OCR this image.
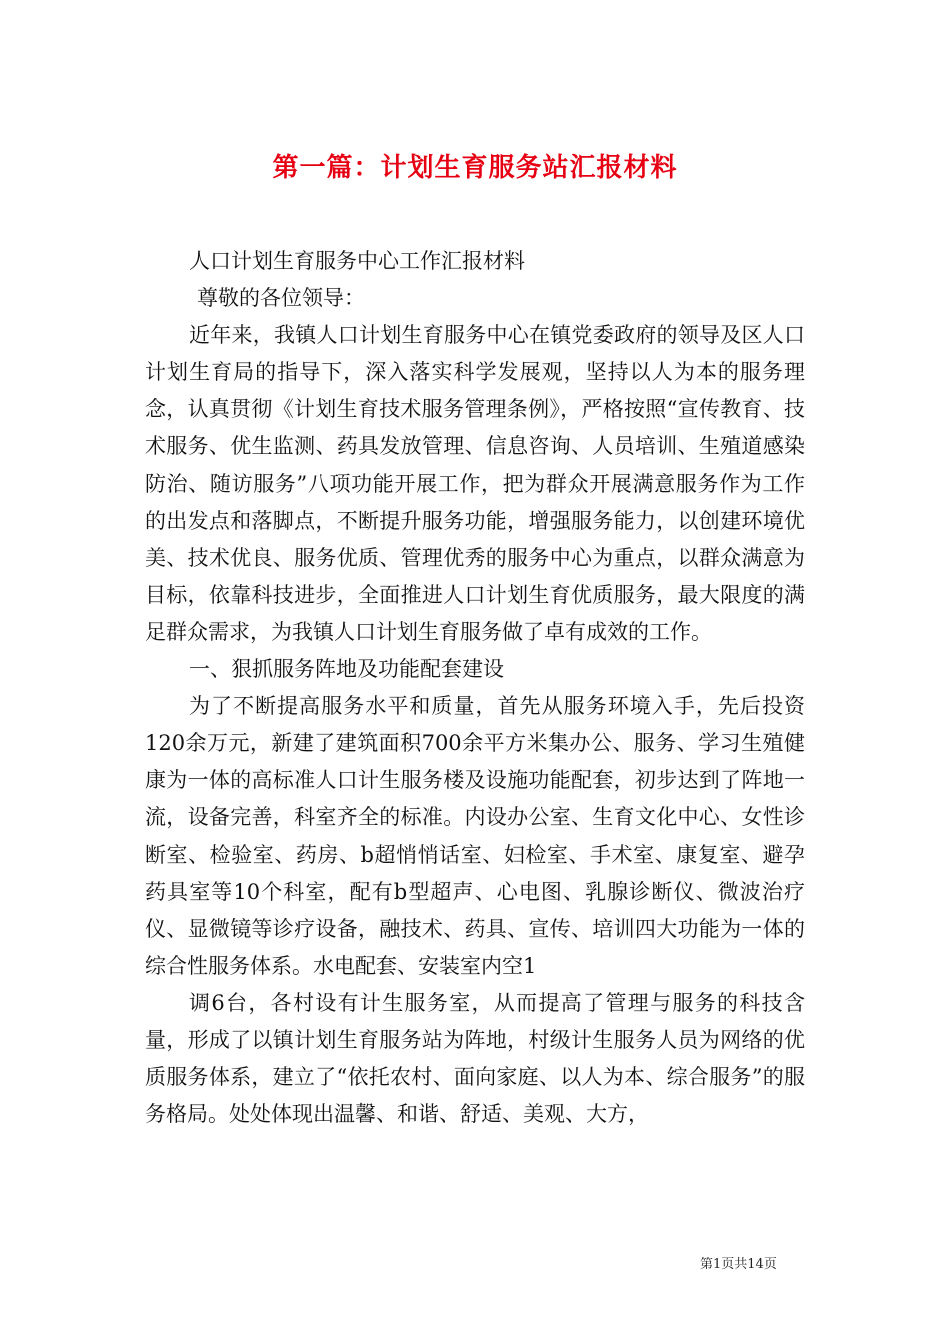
第一篇：计划生育服务站汇报材料

人口计划生育服务中心工作汇报材料

尊敬的各位领导：

近年来，我镇人口计划生育服务中心在镇党委政府的领导及区人口计划生育局的指导下，深入落实科学发展观，坚持以人为本的服务理念，认真贯彻《计划生育技术服务管理条例》，严格按照“宣传教育、技术服务、优生监测、药具发放管理、信息咨询、人员培训、生殖道感染防治、随访服务”八项功能开展工作，把为群众开展满意服务作为工作的出发点和落脚点，不断提升服务功能，增强服务能力，以创建环境优美、技术优良、服务优质、管理优秀的服务中心为重点，以群众满意为目标，依靠科技进步，全面推进人口计划生育优质服务，最大限度的满足群众需求，为我镇人口计划生育服务做了卓有成效的工作。

一、狠抓服务阵地及功能配套建设

为了不断提高服务水平和质量，首先从服务环境入手，先后投资120余万元，新建了建筑面积700余平方米集办公、服务、学习生殖健康为一体的高标准人口计生服务楼及设施功能配套，初步达到了阵地一流，设备完善，科室齐全的标准。内设办公室、生育文化中心、女性诊断室、检验室、药房、b超悄悄话室、妇检室、手术室、康复室、避孕药具室等10个科室，配有b型超声、心电图、乳腺诊断仪、微波治疗仪、显微镜等诊疗设备，融技术、药具、宣传、培训四大功能为一体的综合性服务体系。水电配套、安装室内空1

调6台，各村设有计生服务室，从而提高了管理与服务的科技含量，形成了以镇计划生育服务站为阵地，村级计生服务人员为网络的优质服务体系，建立了“依托农村、面向家庭、以人为本、综合服务”的服务格局。处处体现出温馨、和谐、舒适、美观、大方，

第1页共14页
